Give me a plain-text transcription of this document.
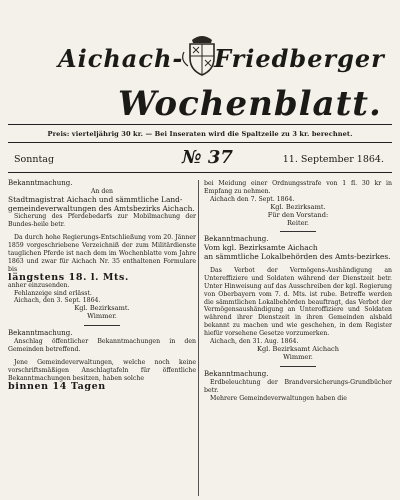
Aichach- Friedberger
Wochenblatt.
Preis: vierteljährig 30 kr. — Bei Inseraten wird die Spaltzeile zu 3 kr. berechnet.
Sonntag	№ 37	11. September 1864.

Bekanntmachung.

An den

Stadtmagistrat Aichach und sämmtliche Land-

gemeindeverwaltungen des Amtsbezirks Aichach.

Sicherung des Pferdebedarfs zur Mobilmachung der Bundes-heile betr.

Da durch hohe Regierungs-Entschließung vom 20. Jänner 1859 vorgeschriebene Verzeichniß der zum Militärdienste tauglichen Pferde ist nach dem im Wochenblatte vom Jahre 1863 und zwar für Aichach Nr. 35 enthaltenen Formulare bis

längstens 18. l. Mts.

anher einzusenden.

Fehlanzeige sind erlässt.

Aichach, den 3. Sept. 1864.

Kgl. Bezirksamt.

Wimmer.

Bekanntmachung.

Anschlag öffentlicher Bekanntmachungen in den Gemeinden betreffend.

Jene Gemeindeverwaltungen, welche noch keine vorschriftsmäßigen Anschlagtafeln für öffentliche Bekanntmachungen besitzen, haben solche

binnen 14 Tagen

bei Meidung einer Ordnungsstrafe von 1 fl. 30 kr in Empfang zu nehmen.

Aichach den 7. Sept. 1864.

Kgl. Bezirksamt.

Für den Vorstand:

Reiter.

Bekanntmachung.

Vom kgl. Bezirksamte Aichach

an sämmtliche Lokalbehörden des Amts-bezirkes.

Das Verbot der Vermögens-Aushändigung an Untereffiziere und Soldaten während der Dienstzeit betr. Unter Hinweisung auf das Ausschreiben der kgl. Regierung von Oberbayern vom 7. d. Mts. ist rube. Betreffe werden die sämmtlichen Lokalbehörden beauftragt, das Verbot der Vermögensaushändigung an Unteroffiziere und Soldaten während ihrer Dienstzeit in ihren Gemeinden alsbald bekannt zu machen und wie geschehen, in dem Register hiefür vorsehene Gesetze vorzumerken.

Aichach, den 31. Aug. 1864.

Kgl. Bezirksamt Aichach

Wimmer.

Bekanntmachung.

Erdbeleuchtung der Brandversicherungs-Grundbücher betr.

Mehrere Gemeindeverwaltungen haben die
